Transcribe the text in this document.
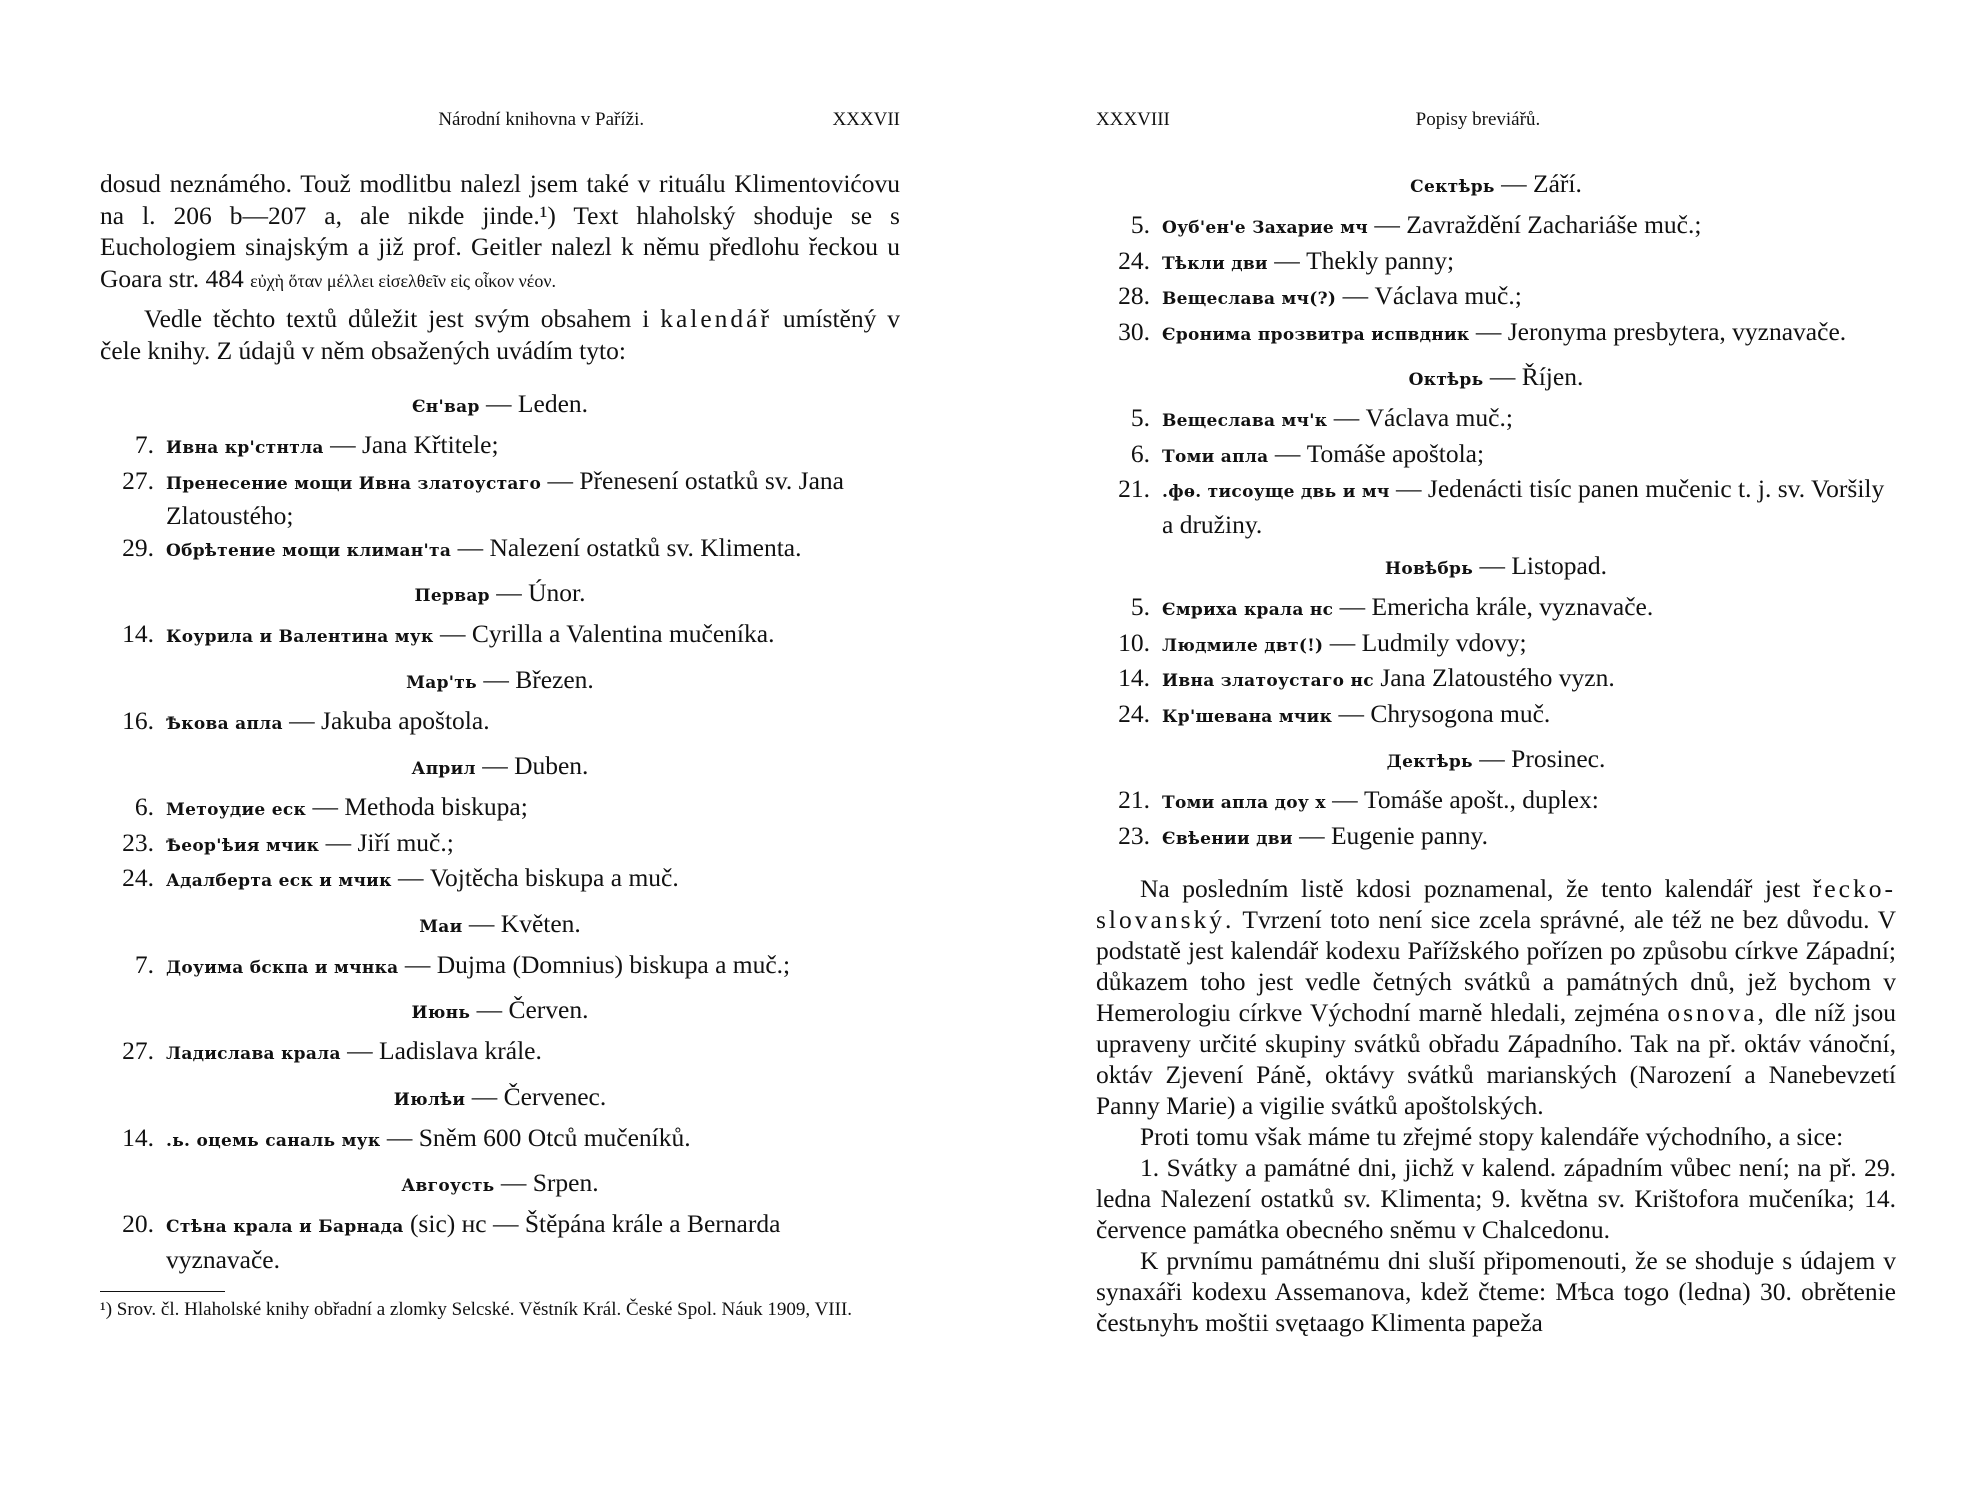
Národní knihovna v Paříži.	XXXVII

dosud neznámého. Touž modlitbu nalezl jsem také v rituálu Klimentovićovu na l. 206 b—207 a, ale nikde jinde.¹) Text hlaholský shoduje se s Euchologiem sinajským a již prof. Geitler nalezl k němu předlohu řeckou u Goara str. 484 εὐχὴ ὅταν μέλλει εἰσελθεῖν εἰς οἶκον νέον.

Vedle těchto textů důležit jest svým obsahem i kalendář umístěný v čele knihy. Z údajů v něm obsažených uvádím tyto:

Єн'вар — Leden.

7. Ивна кр'стнтла — Jana Křtitele;

27. Пренесение мощи Ивна златоустаго — Přenesení ostatků sv. Jana Zlatoustého;

29. Обрѣтение мощи климан'та — Nalezení ostatků sv. Klimenta.

Первар — Únor.

14. Коурила и Валентина мук — Cyrilla a Valentina mučeníka.

Мар'ть — Březen.

16. Ѣкова апла — Jakuba apoštola.

Април — Duben.

6. Метоудие еск — Methoda biskupa;

23. Ѣеор'ѣия мчик — Jiří muč.;

24. Адалберта еск и мчик — Vojtěcha biskupa a muč.

Мaи — Květen.

7. Доуима бскпа и мчнка — Dujma (Domnius) biskupa a muč.;

Июнь — Červen.

27. Ладислава крала — Ladislava krále.

Июлѣи — Červenec.

14. .ь. оцемь саналь мук — Sněm 600 Otců mučeníků.

Авгоусть — Srpen.

20. Стѣна крала и Барнада (sic) нс — Štěpána krále a Bernarda vyznavače.

¹) Srov. čl. Hlaholské knihy obřadní a zlomky Selcské. Věstník Král. České Spol. Náuk 1909, VIII.

XXXVIII	Popisy breviářů.
Сектѣрь — Září.

5. Оуб'ен'е Захарие мч — Zavraždění Zachariáše muč.;

24. Тѣкли дви — Thekly panny;

28. Вещеслава мч(?) — Václava muč.;

30. Єронима прозвитра испвдник — Jeronyma presbytera, vyznavače.

Октѣрь — Říjen.

5. Вещеслава мч'к — Václava muč.;

6. Томи апла — Tomáše apoštola;

21. .фѳ. тисоуще двь и мч — Jedenácti tisíc panen mučenic t. j. sv. Voršily a družiny.

Новѣбрь — Listopad.

5. Ємриха крала нс — Emericha krále, vyznavače.

10. Людмиле двт(!) — Ludmily vdovy;

14. Ивна златоустаго нс Jana Zlatoustého vyzn.

24. Кр'шевана мчик — Chrysogona muč.

Дектѣрь — Prosinec.

21. Томи апла доу х — Tomáše apošt., duplex:

23. Євѣении дви — Eugenie panny.

Na posledním listě kdosi poznamenal, že tento kalendář jest řecko-slovanský. Tvrzení toto není sice zcela správné, ale též ne bez důvodu. V podstatě jest kalendář kodexu Pařížského pořízen po způsobu církve Západní; důkazem toho jest vedle četných svátků a památných dnů, jež bychom v Hemerologiu církve Východní marně hledali, zejména osnova, dle níž jsou upraveny určité skupiny svátků obřadu Západního. Tak na př. oktáv vánoční, oktáv Zjevení Páně, oktávy svátků marianských (Narození a Nanebevzetí Panny Marie) a vigilie svátků apoštolských.

Proti tomu však máme tu zřejmé stopy kalendáře východního, a sice:

1. Svátky a památné dni, jichž v kalend. západním vůbec není; na př. 29. ledna Nalezení ostatků sv. Klimenta; 9. května sv. Krištofora mučeníka; 14. července památka obecného sněmu v Chalcedonu.

K prvnímu památnému dni sluší připomenouti, že se shoduje s údajem v synaxáři kodexu Assemanova, kdež čteme: Mѣca togo (ledna) 30. obrětenie čestьnyhъ moštii svętaago Klimenta papeža
